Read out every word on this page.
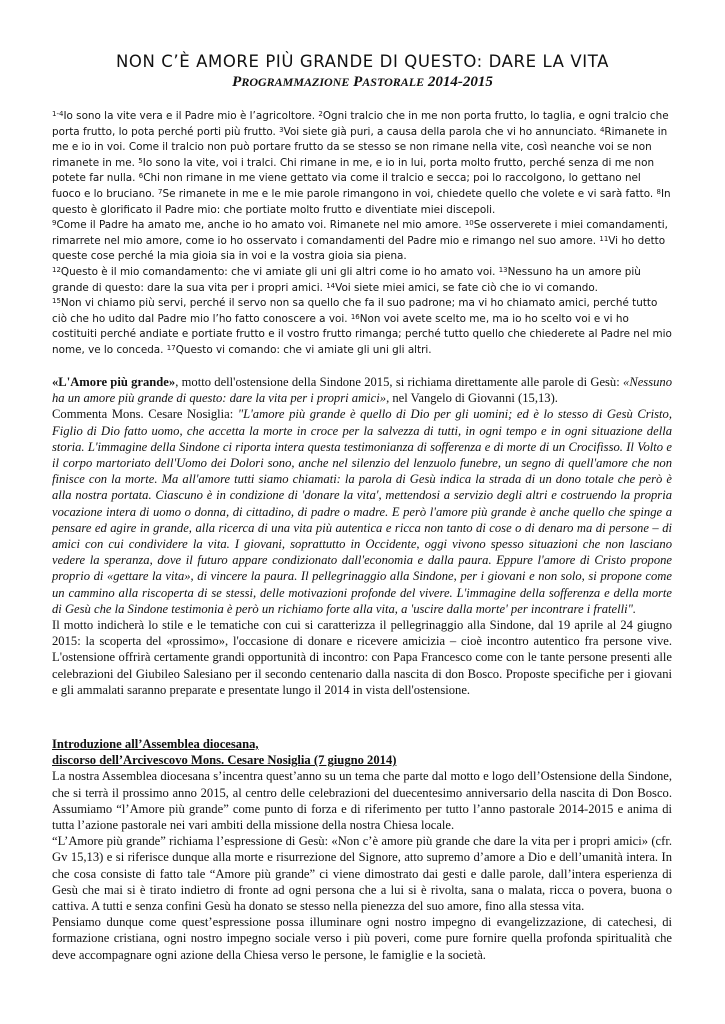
NON C’È AMORE PIÙ GRANDE DI QUESTO: DARE LA VITA
PROGRAMMAZIONE PASTORALE 2014-2015
$^{1-4}$Io sono la vite vera e il Padre mio è l’agricoltore. $^2$Ogni tralcio che in me non porta frutto, lo taglia, e ogni tralcio che porta frutto, lo pota perché porti più frutto. $^3$Voi siete già puri, a causa della parola che vi ho annunciato. $^4$Rimanete in me e io in voi. Come il tralcio non può portare frutto da se stesso se non rimane nella vite, così neanche voi se non rimanete in me. $^5$Io sono la vite, voi i tralci. Chi rimane in me, e io in lui, porta molto frutto, perché senza di me non potete far nulla. $^6$Chi non rimane in me viene gettato via come il tralcio e secca; poi lo raccolgono, lo gettano nel fuoco e lo bruciano. $^7$Se rimanete in me e le mie parole rimangono in voi, chiedete quello che volete e vi sarà fatto. $^8$In questo è glorificato il Padre mio: che portiate molto frutto e diventiate miei discepoli.
$^9$Come il Padre ha amato me, anche io ho amato voi. Rimanete nel mio amore. $^{10}$Se osserverete i miei comandamenti, rimarrete nel mio amore, come io ho osservato i comandamenti del Padre mio e rimango nel suo amore. $^{11}$Vi ho detto queste cose perché la mia gioia sia in voi e la vostra gioia sia piena.
$^{12}$Questo è il mio comandamento: che vi amiate gli uni gli altri come io ho amato voi. $^{13}$Nessuno ha un amore più grande di questo: dare la sua vita per i propri amici. $^{14}$Voi siete miei amici, se fate ciò che io vi comando.
$^{15}$Non vi chiamo più servi, perché il servo non sa quello che fa il suo padrone; ma vi ho chiamato amici, perché tutto ciò che ho udito dal Padre mio l’ho fatto conoscere a voi. $^{16}$Non voi avete scelto me, ma io ho scelto voi e vi ho costituiti perché andiate e portiate frutto e il vostro frutto rimanga; perché tutto quello che chiederete al Padre nel mio nome, ve lo conceda. $^{17}$Questo vi comando: che vi amiate gli uni gli altri.

«L'Amore più grande», motto dell'ostensione della Sindone 2015, si richiama direttamente alle parole di Gesù: «Nessuno ha un amore più grande di questo: dare la vita per i propri amici», nel Vangelo di Giovanni (15,13).

Commenta Mons. Cesare Nosiglia: "L'amore più grande è quello di Dio per gli uomini; ed è lo stesso di Gesù Cristo, Figlio di Dio fatto uomo, che accetta la morte in croce per la salvezza di tutti, in ogni tempo e in ogni situazione della storia. L'immagine della Sindone ci riporta intera questa testimonianza di sofferenza e di morte di un Crocifisso. Il Volto e il corpo martoriato dell'Uomo dei Dolori sono, anche nel silenzio del lenzuolo funebre, un segno di quell'amore che non finisce con la morte. Ma all'amore tutti siamo chiamati: la parola di Gesù indica la strada di un dono totale che però è alla nostra portata. Ciascuno è in condizione di 'donare la vita', mettendosi a servizio degli altri e costruendo la propria vocazione intera di uomo o donna, di cittadino, di padre o madre. E però l'amore più grande è anche quello che spinge a pensare ed agire in grande, alla ricerca di una vita più autentica e ricca non tanto di cose o di denaro ma di persone – di amici con cui condividere la vita. I giovani, soprattutto in Occidente, oggi vivono spesso situazioni che non lasciano vedere la speranza, dove il futuro appare condizionato dall'economia e dalla paura. Eppure l'amore di Cristo propone proprio di «gettare la vita», di vincere la paura. Il pellegrinaggio alla Sindone, per i giovani e non solo, si propone come un cammino alla riscoperta di se stessi, delle motivazioni profonde del vivere. L'immagine della sofferenza e della morte di Gesù che la Sindone testimonia è però un richiamo forte alla vita, a 'uscire dalla morte' per incontrare i fratelli".

Il motto indicherà lo stile e le tematiche con cui si caratterizza il pellegrinaggio alla Sindone, dal 19 aprile al 24 giugno 2015: la scoperta del «prossimo», l'occasione di donare e ricevere amicizia – cioè incontro autentico fra persone vive. L'ostensione offrirà certamente grandi opportunità di incontro: con Papa Francesco come con le tante persone presenti alle celebrazioni del Giubileo Salesiano per il secondo centenario dalla nascita di don Bosco. Proposte specifiche per i giovani e gli ammalati saranno preparate e presentate lungo il 2014 in vista dell'ostensione.

Introduzione all’Assemblea diocesana,
discorso dell’Arcivescovo Mons. Cesare Nosiglia (7 giugno 2014)

La nostra Assemblea diocesana s’incentra quest’anno su un tema che parte dal motto e logo dell’Ostensione della Sindone, che si terrà il prossimo anno 2015, al centro delle celebrazioni del duecentesimo anniversario della nascita di Don Bosco. Assumiamo “l’Amore più grande” come punto di forza e di riferimento per tutto l’anno pastorale 2014-2015 e anima di tutta l’azione pastorale nei vari ambiti della missione della nostra Chiesa locale.

“L’Amore più grande” richiama l’espressione di Gesù: «Non c’è amore più grande che dare la vita per i propri amici» (cfr. Gv 15,13) e si riferisce dunque alla morte e risurrezione del Signore, atto supremo d’amore a Dio e dell’umanità intera. In che cosa consiste di fatto tale “Amore più grande” ci viene dimostrato dai gesti e dalle parole, dall’intera esperienza di Gesù che mai si è tirato indietro di fronte ad ogni persona che a lui si è rivolta, sana o malata, ricca o povera, buona o cattiva. A tutti e senza confini Gesù ha donato se stesso nella pienezza del suo amore, fino alla stessa vita.

Pensiamo dunque come quest’espressione possa illuminare ogni nostro impegno di evangelizzazione, di catechesi, di formazione cristiana, ogni nostro impegno sociale verso i più poveri, come pure fornire quella profonda spiritualità che deve accompagnare ogni azione della Chiesa verso le persone, le famiglie e la società.
